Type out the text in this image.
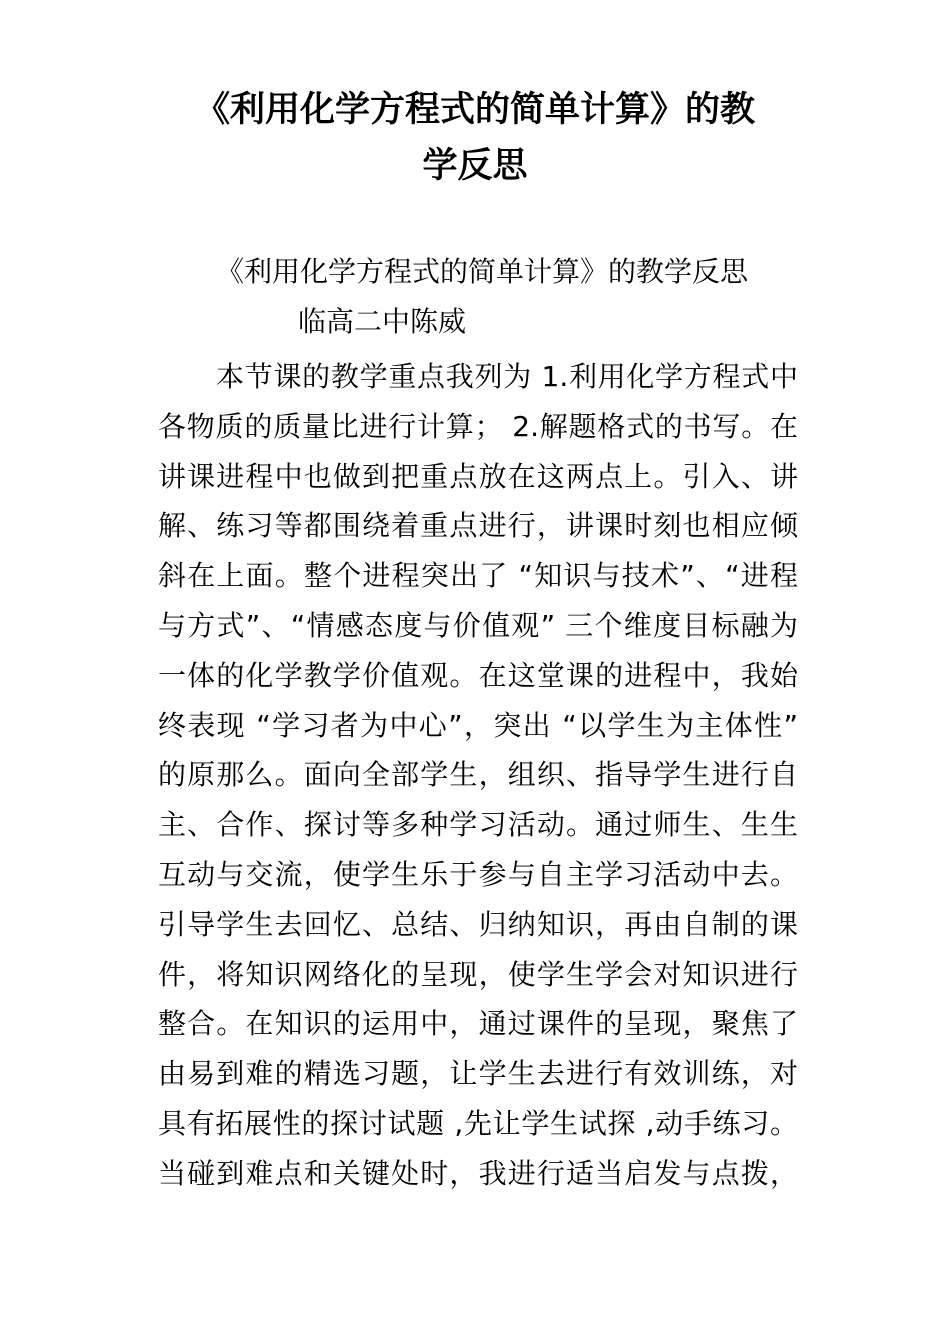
《利用化学方程式的简单计算》的教
学反思
《利用化学方程式的简单计算》的教学反思
临高二中陈威
本节课的教学重点我列为 1.利用化学方程式中
各物质的质量比进行计算； 2.解题格式的书写。在
讲课进程中也做到把重点放在这两点上。引入、讲
解、练习等都围绕着重点进行，讲课时刻也相应倾
斜在上面。整个进程突出了 “知识与技术”、“进程
与方式”、“情感态度与价值观” 三个维度目标融为
一体的化学教学价值观。在这堂课的进程中，我始
终表现 “学习者为中心”，突出 “以学生为主体性”
的原那么。面向全部学生，组织、指导学生进行自
主、合作、探讨等多种学习活动。通过师生、生生
互动与交流，使学生乐于参与自主学习活动中去。
引导学生去回忆、总结、归纳知识，再由自制的课
件，将知识网络化的呈现，使学生学会对知识进行
整合。在知识的运用中，通过课件的呈现，聚焦了
由易到难的精选习题，让学生去进行有效训练，对
具有拓展性的探讨试题 ,先让学生试探 ,动手练习。
当碰到难点和关键处时，我进行适当启发与点拨，
